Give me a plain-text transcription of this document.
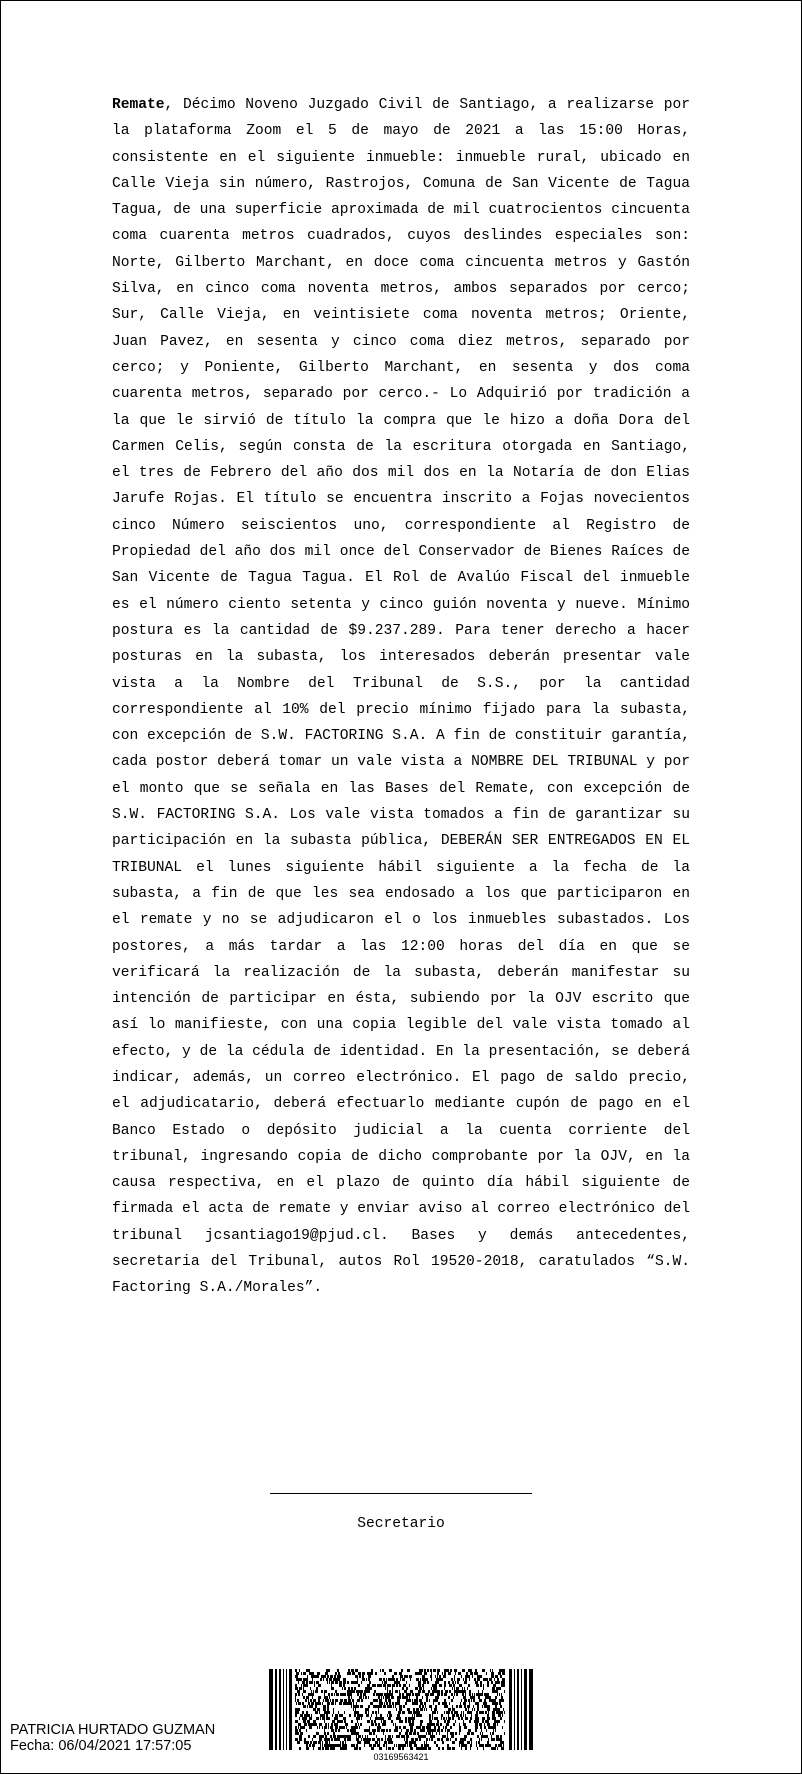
Remate, Décimo Noveno Juzgado Civil de Santiago, a realizarse por la plataforma Zoom el 5 de mayo de 2021 a las 15:00 Horas, consistente en el siguiente inmueble: inmueble rural, ubicado en Calle Vieja sin número, Rastrojos, Comuna de San Vicente de Tagua Tagua, de una superficie aproximada de mil cuatrocientos cincuenta coma cuarenta metros cuadrados, cuyos deslindes especiales son: Norte, Gilberto Marchant, en doce coma cincuenta metros y Gastón Silva, en cinco coma noventa metros, ambos separados por cerco; Sur, Calle Vieja, en veintisiete coma noventa metros; Oriente, Juan Pavez, en sesenta y cinco coma diez metros, separado por cerco; y Poniente, Gilberto Marchant, en sesenta y dos coma cuarenta metros, separado por cerco.- Lo Adquirió por tradición a la que le sirvió de título la compra que le hizo a doña Dora del Carmen Celis, según consta de la escritura otorgada en Santiago, el tres de Febrero del año dos mil dos en la Notaría de don Elias Jarufe Rojas. El título se encuentra inscrito a Fojas novecientos cinco Número seiscientos uno, correspondiente al Registro de Propiedad del año dos mil once del Conservador de Bienes Raíces de San Vicente de Tagua Tagua. El Rol de Avalúo Fiscal del inmueble es el número ciento setenta y cinco guión noventa y nueve. Mínimo postura es la cantidad de $9.237.289. Para tener derecho a hacer posturas en la subasta, los interesados deberán presentar vale vista a la Nombre del Tribunal de S.S., por la cantidad correspondiente al 10% del precio mínimo fijado para la subasta, con excepción de S.W. FACTORING S.A. A fin de constituir garantía, cada postor deberá tomar un vale vista a NOMBRE DEL TRIBUNAL y por el monto que se señala en las Bases del Remate, con excepción de S.W. FACTORING S.A. Los vale vista tomados a fin de garantizar su participación en la subasta pública, DEBERÁN SER ENTREGADOS EN EL TRIBUNAL el lunes siguiente hábil siguiente a la fecha de la subasta, a fin de que les sea endosado a los que participaron en el remate y no se adjudicaron el o los inmuebles subastados. Los postores, a más tardar a las 12:00 horas del día en que se verificará la realización de la subasta, deberán manifestar su intención de participar en ésta, subiendo por la OJV escrito que así lo manifieste, con una copia legible del vale vista tomado al efecto, y de la cédula de identidad. En la presentación, se deberá indicar, además, un correo electrónico. El pago de saldo precio, el adjudicatario, deberá efectuarlo mediante cupón de pago en el Banco Estado o depósito judicial a la cuenta corriente del tribunal, ingresando copia de dicho comprobante por la OJV, en la causa respectiva, en el plazo de quinto día hábil siguiente de firmada el acta de remate y enviar aviso al correo electrónico del tribunal jcsantiago19@pjud.cl. Bases y demás antecedentes, secretaria del Tribunal, autos Rol 19520-2018, caratulados “S.W. Factoring S.A./Morales”.
Secretario
PATRICIA HURTADO GUZMAN
Fecha: 06/04/2021 17:57:05
03169563421
